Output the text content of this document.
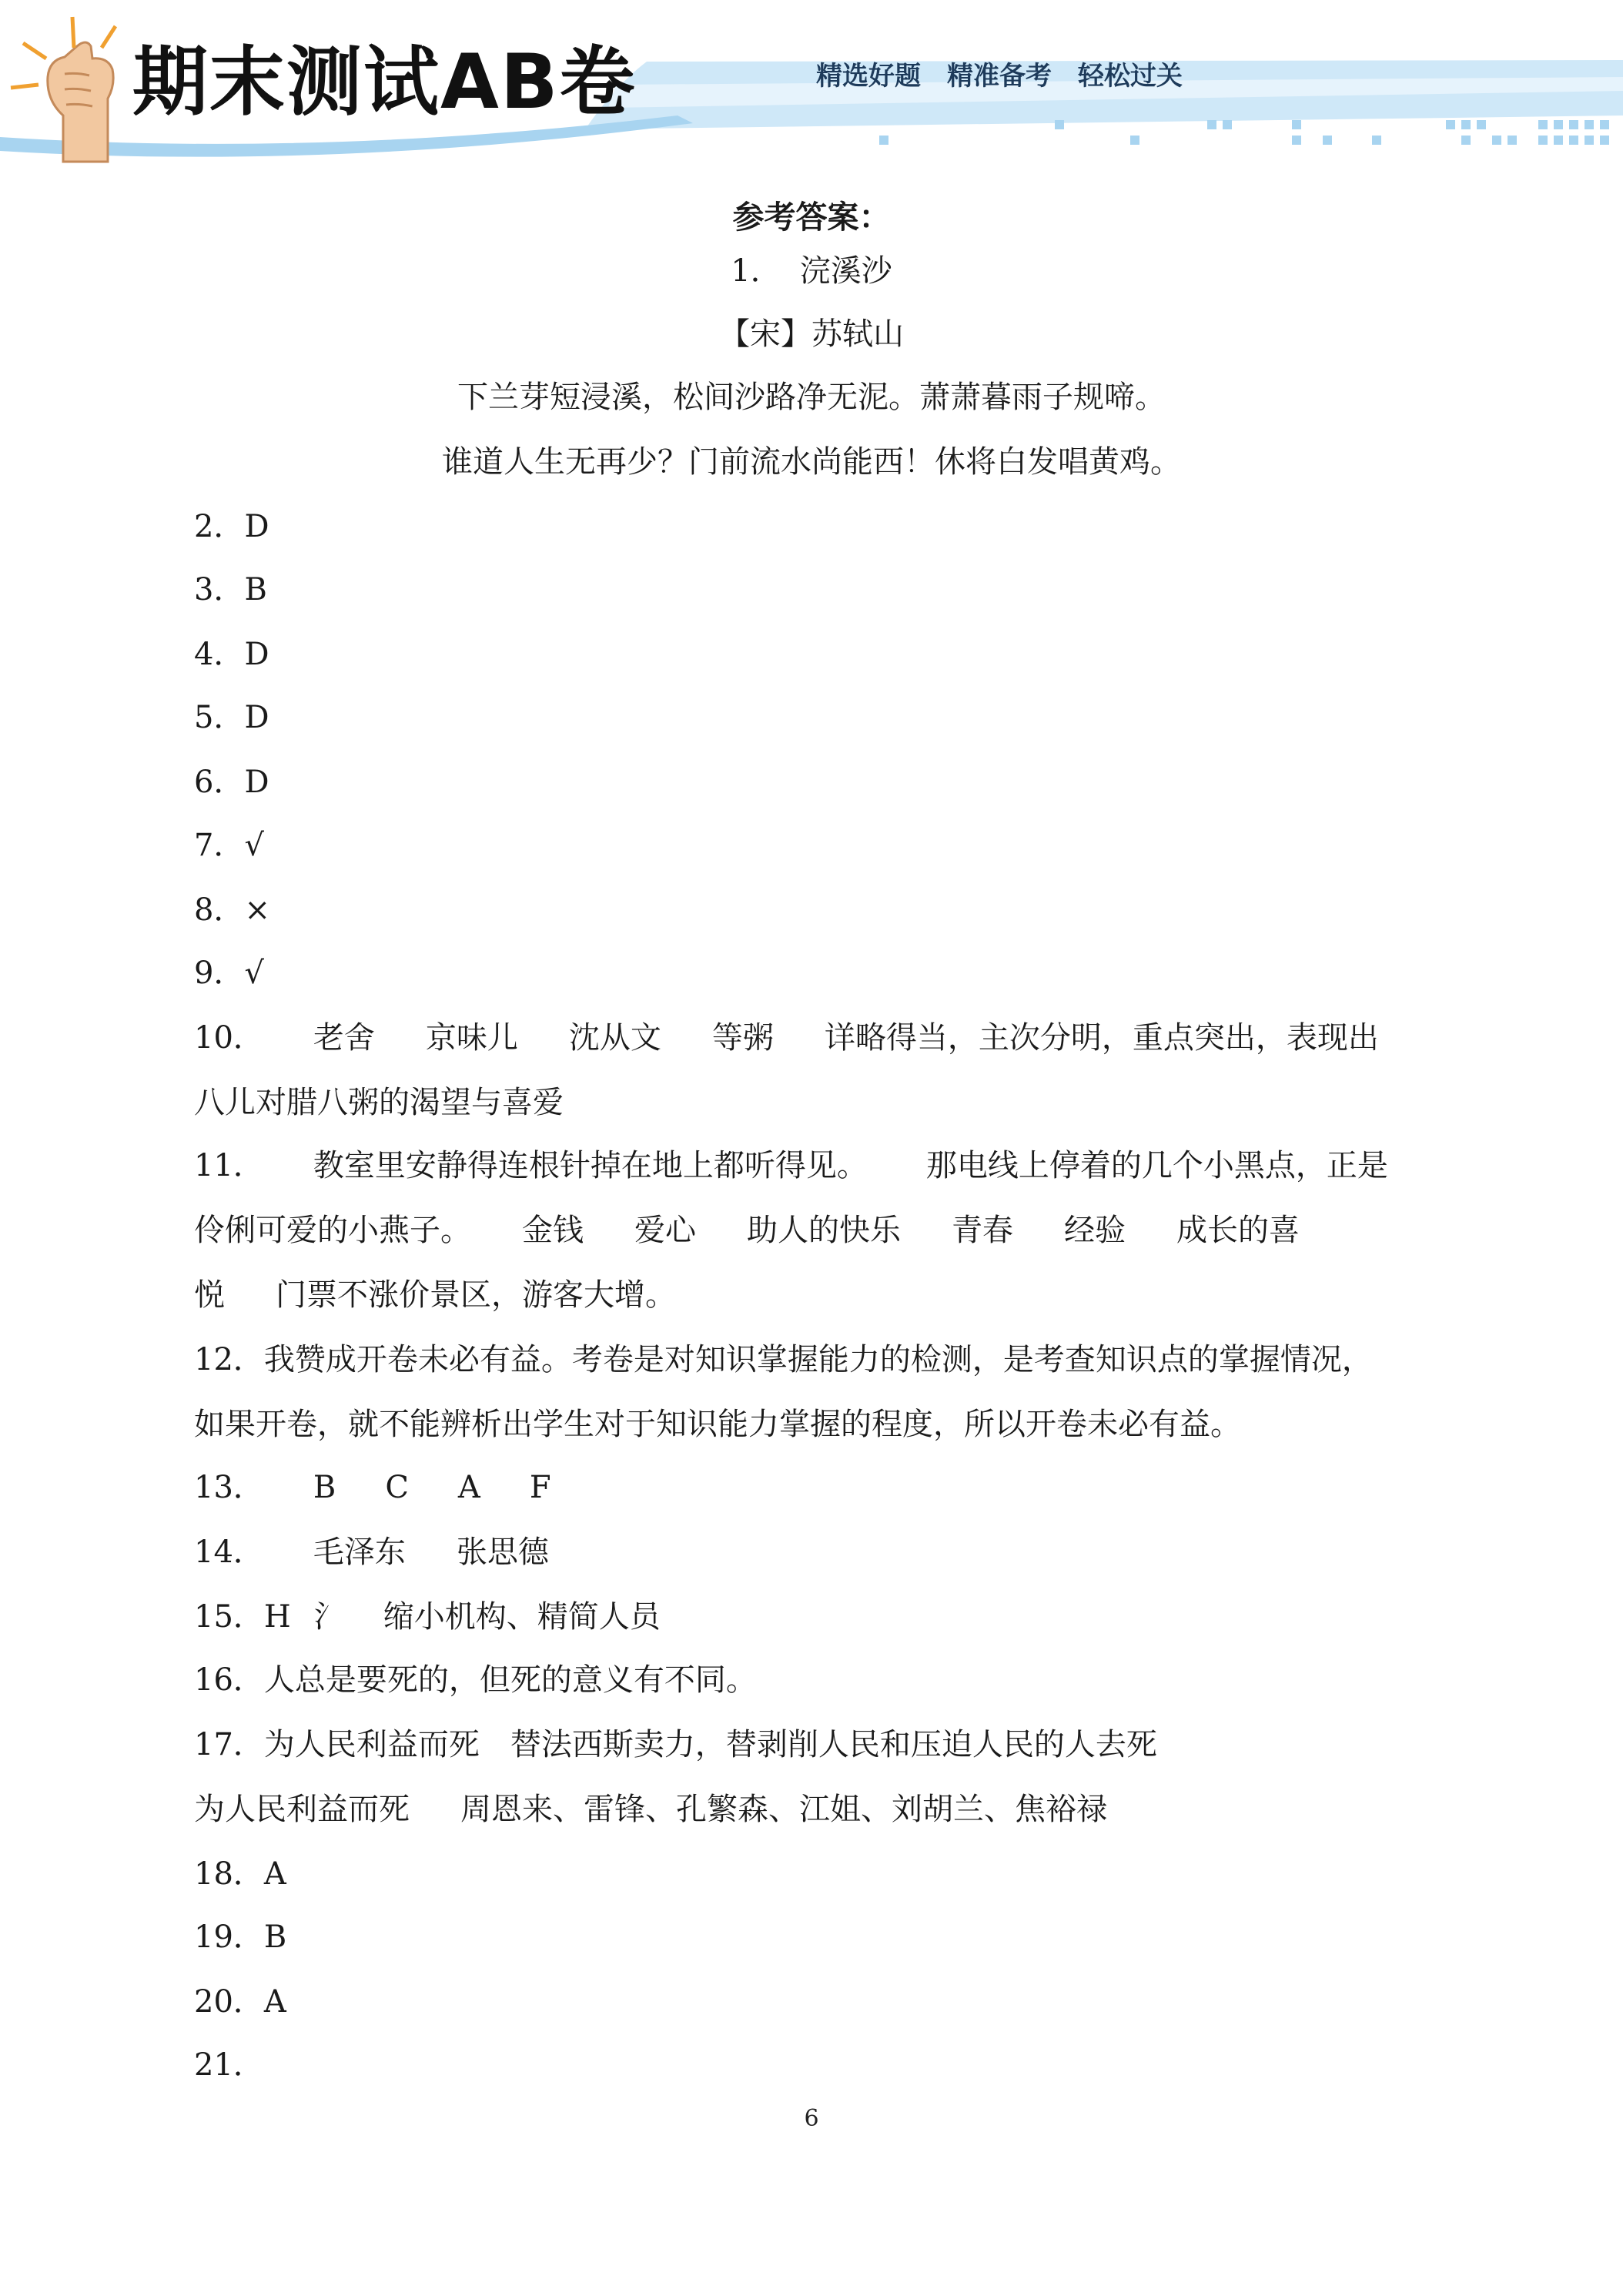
期末测试AB卷	精选好题 精准备考 轻松过关
参考答案：
1． 浣溪沙
【宋】苏轼山
下兰芽短浸溪，松间沙路净无泥。萧萧暮雨子规啼。
谁道人生无再少？门前流水尚能西！休将白发唱黄鸡。
2．D
3．B
4．D
5．D
6．D
7．√
8．×
9．√
10． 老舍 京味儿 沈从文 等粥 详略得当，主次分明，重点突出，表现出
八儿对腊八粥的渴望与喜爱
11． 教室里安静得连根针掉在地上都听得见。 那电线上停着的几个小黑点，正是
伶俐可爱的小燕子。 金钱 爱心 助人的快乐 青春 经验 成长的喜
悦 门票不涨价景区，游客大增。
12．我赞成开卷未必有益。考卷是对知识掌握能力的检测，是考查知识点的掌握情况，
如果开卷，就不能辨析出学生对于知识能力掌握的程度，所以开卷未必有益。
13． B C A F
14． 毛泽东 张思德
15．H 氵 缩小机构、精简人员
16．人总是要死的，但死的意义有不同。
17．为人民利益而死　替法西斯卖力，替剥削人民和压迫人民的人去死
为人民利益而死 周恩来、雷锋、孔繁森、江姐、刘胡兰、焦裕禄
18．A
19．B
20．A
21．
6
